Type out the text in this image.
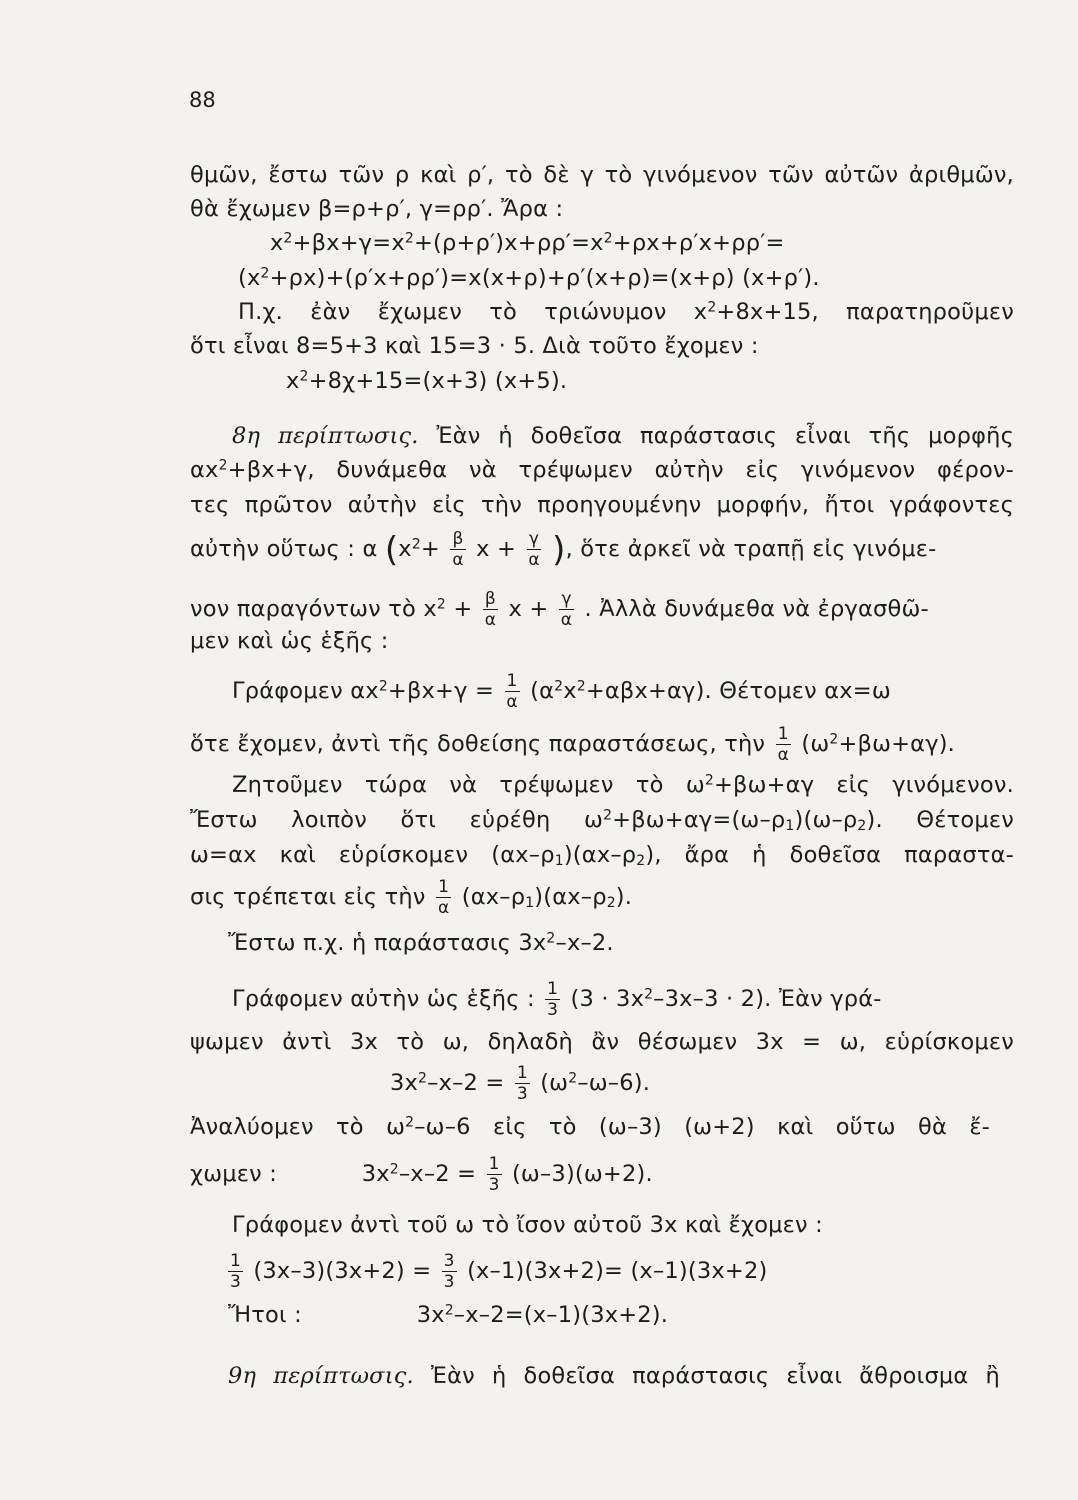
88
θμῶν, ἔστω τῶν ρ καὶ ρ′, τὸ δὲ γ τὸ γινόμενον τῶν αὐτῶν ἀριθμῶν,
θὰ ἔχωμεν β=ρ+ρ′, γ=ρρ′. Ἄρα :
$x^2+\beta x+\gamma=x^2+(\rho+\rho')x+\rho\rho'=x^2+\rho x+\rho'x+\rho\rho'=$
$(x^2+\rho x)+(\rho'x+\rho\rho')=x(x+\rho)+\rho'(x+\rho)=(x+\rho)$ (x+ρ′).
Π.χ. ἐὰν ἔχωμεν τὸ τριώνυμον $x^2+8x+15$, παρατηροῦμεν
ὅτι εἶναι 8=5+3 καὶ 15=3 · 5. Διὰ τοῦτο ἔχομεν :
$x^2+8\chi+15=(x+3)$ (x+5).
8η περίπτωσις. Ἐὰν ἡ δοθεῖσα παράστασις εἶναι τῆς μορφῆς
$\alpha x^2+\beta x+\gamma$, δυνάμεθα νὰ τρέψωμεν αὐτὴν εἰς γινόμενον φέρον-
τες πρῶτον αὐτὴν εἰς τὴν προηγουμένην μορφήν, ἤτοι γράφοντες
αὐτὴν οὕτως : α ($x^2+ \frac{\beta}{\alpha}$ $x + \frac{\gamma}{\alpha}$ ), ὅτε ἀρκεῖ νὰ τραπῇ εἰς γινόμε-
νον παραγόντων τὸ $x^2 + \frac{\beta}{\alpha}$ $x + \frac{\gamma}{\alpha}$ . Ἀλλὰ δυνάμεθα νὰ ἐργασθῶ-
μεν καὶ ὡς ἑξῆς :
Γράφομεν $\alpha x^2+\beta x+\gamma = \frac{1}{\alpha} (\alpha^2x^2+\alpha\beta x+\alpha\gamma)$. Θέτομεν αx=ω
ὅτε ἔχομεν, ἀντὶ τῆς δοθείσης παραστάσεως, τὴν $\frac{1}{\alpha} (\omega^2+\beta\omega+\alpha\gamma)$.
Ζητοῦμεν τώρα νὰ τρέψωμεν τὸ $\omega^2+\beta\omega+\alpha\gamma$ εἰς γινόμενον.
Ἔστω λοιπὸν ὅτι εὑρέθη $\omega^2+\beta\omega+\alpha\gamma=(\omega-\rho_1)(\omega-\rho_2)$. Θέτομεν
ω=αx καὶ εὑρίσκομεν $(\alpha x-\rho_1)(\alpha x-\rho_2)$, ἄρα ἡ δοθεῖσα παραστα-
σις τρέπεται εἰς τὴν $\frac{1}{\alpha} (\alpha x-\rho_1)(\alpha x-\rho_2)$.
Ἔστω π.χ. ἡ παράστασις $3x^2-x-2$.
Γράφομεν αὐτὴν ὡς ἑξῆς : $\frac{1}{3} (3 \cdot 3x^2-3x-3 \cdot 2)$. Ἐὰν γρά-
ψωμεν ἀντὶ 3x τὸ ω, δηλαδὴ ἂν θέσωμεν 3x = ω, εὑρίσκομεν
$3x^2-x-2 = \frac{1}{3} (\omega^2-\omega-6)$.
Ἀναλύομεν τὸ $\omega^2-\omega-6$ εἰς τὸ (ω–3) (ω+2) καὶ οὕτω θὰ ἔ-
χωμεν :	$3x^2-x-2 = \frac{1}{3} (\omega-3)(\omega+2)$.
Γράφομεν ἀντὶ τοῦ ω τὸ ἴσον αὐτοῦ 3x καὶ ἔχομεν :
$\frac{1}{3} (3x-3)(3x+2) = \frac{3}{3} (x-1)(3x+2)= (x-1)(3x+2)$
Ἤτοι :	$3x^2-x-2=(x-1)(3x+2)$.
9η περίπτωσις. Ἐὰν ἡ δοθεῖσα παράστασις εἶναι ἄθροισμα ἢ
